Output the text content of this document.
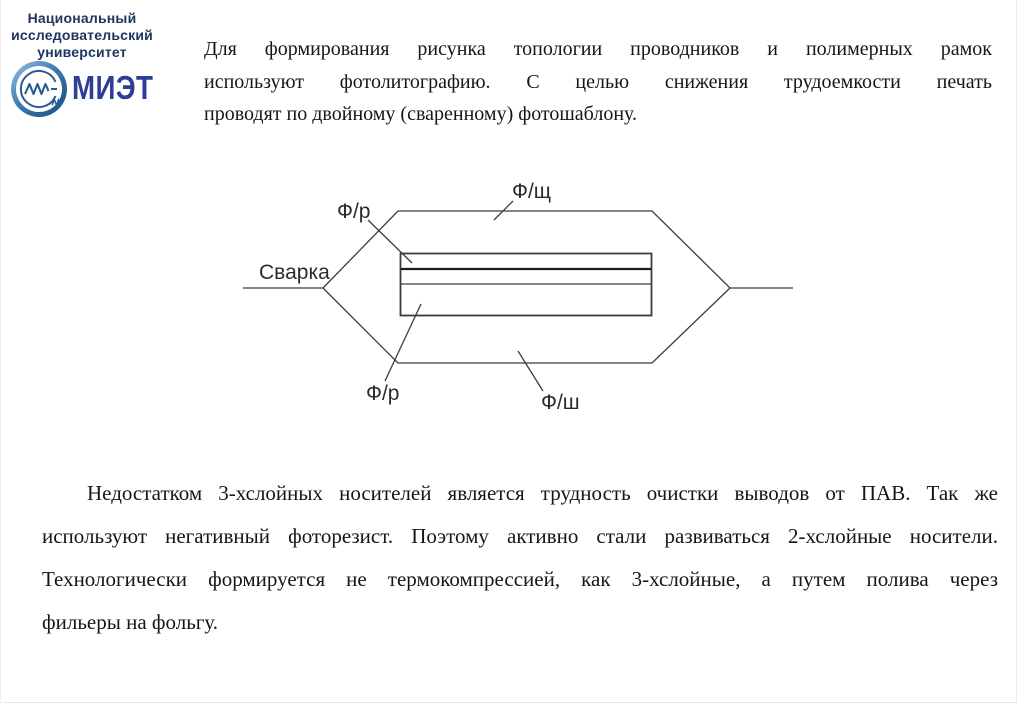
Национальный
исследовательский
университет
МИЭТ
Для формирования рисунка топологии проводников и полимерных рамок
используют фотолитографию. С целью снижения трудоемкости печать
проводят по двойному (сваренному) фотошаблону.
Ф/щ
Ф/р
Сварка
Ф/р	Ф/ш
Недостатком 3-хслойных носителей является трудность очистки выводов от ПАВ. Так же
используют негативный фоторезист. Поэтому активно стали развиваться 2-хслойные носители.
Технологически формируется не термокомпрессией, как 3-хслойные, а путем полива через
фильеры на фольгу.
